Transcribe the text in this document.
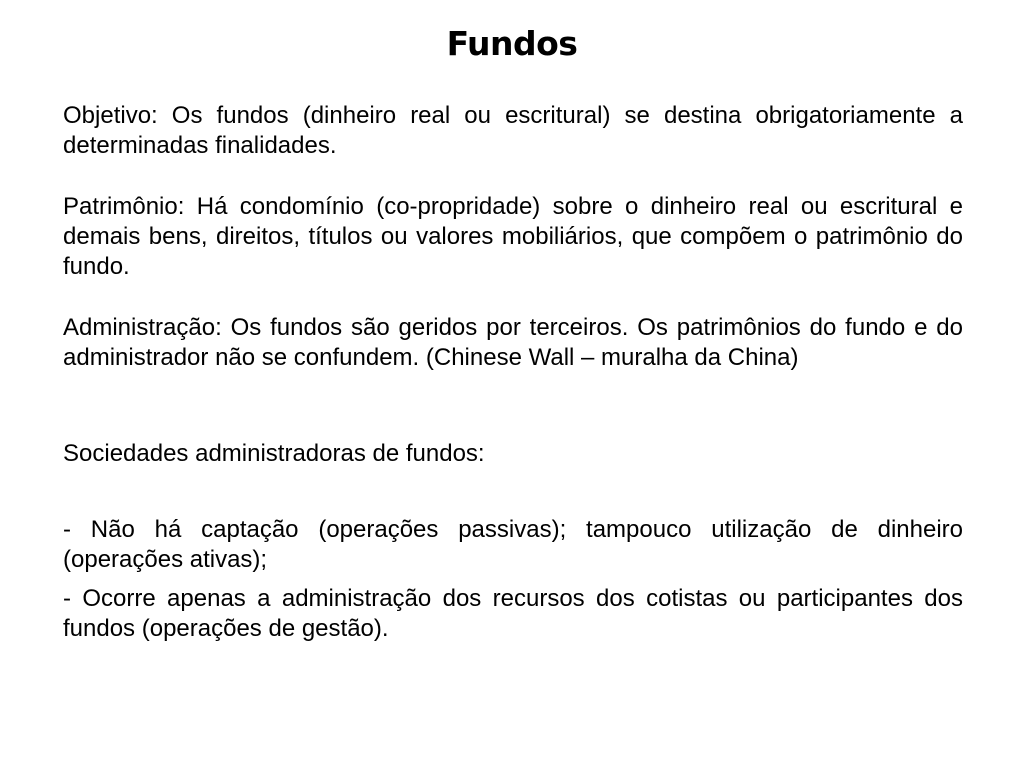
Fundos

Objetivo: Os fundos (dinheiro real ou escritural) se destina obrigatoriamente a determinadas finalidades.

Patrimônio: Há condomínio (co-propridade) sobre o dinheiro real ou escritural e demais bens, direitos, títulos ou valores mobiliários, que compõem o patrimônio do fundo.

Administração: Os fundos são geridos por terceiros. Os patrimônios do fundo e do administrador não se confundem. (Chinese Wall – muralha da China)

Sociedades administradoras de fundos:

- Não há captação (operações passivas); tampouco utilização de dinheiro (operações ativas);

- Ocorre apenas a administração dos recursos dos cotistas ou participantes dos fundos (operações de gestão).
